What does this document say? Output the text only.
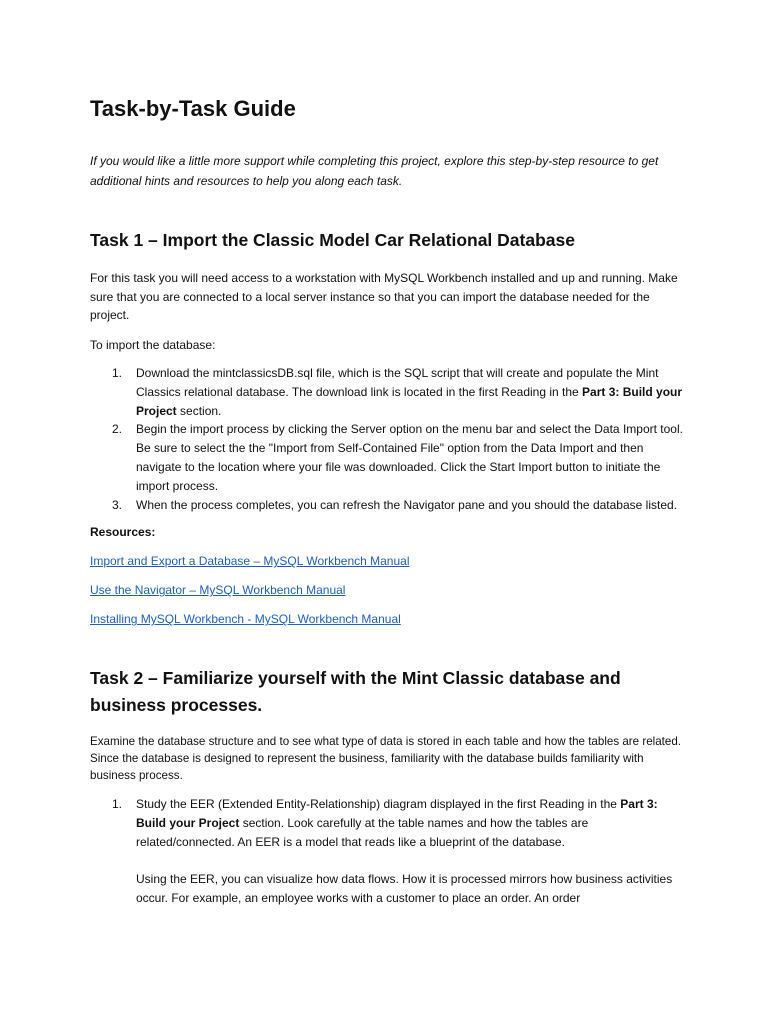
Task-by-Task Guide

If you would like a little more support while completing this project, explore this step-by-step resource to get additional hints and resources to help you along each task.

Task 1 – Import the Classic Model Car Relational Database

For this task you will need access to a workstation with MySQL Workbench installed and up and running. Make sure that you are connected to a local server instance so that you can import the database needed for the project.

To import the database:

1. Download the mintclassicsDB.sql file, which is the SQL script that will create and populate the Mint Classics relational database. The download link is located in the first Reading in the Part 3: Build your Project section.
2. Begin the import process by clicking the Server option on the menu bar and select the Data Import tool. Be sure to select the the "Import from Self-Contained File" option from the Data Import and then navigate to the location where your file was downloaded. Click the Start Import button to initiate the import process.
3. When the process completes, you can refresh the Navigator pane and you should the database listed.

Resources:

Import and Export a Database – MySQL Workbench Manual
Use the Navigator – MySQL Workbench Manual
Installing MySQL Workbench - MySQL Workbench Manual
Task 2 – Familiarize yourself with the Mint Classic database and business processes.

Examine the database structure and to see what type of data is stored in each table and how the tables are related. Since the database is designed to represent the business, familiarity with the database builds familiarity with business process.

1. Study the EER (Extended Entity-Relationship) diagram displayed in the first Reading in the Part 3: Build your Project section. Look carefully at the table names and how the tables are related/connected. An EER is a model that reads like a blueprint of the database.
Using the EER, you can visualize how data flows. How it is processed mirrors how business activities occur. For example, an employee works with a customer to place an order. An order
